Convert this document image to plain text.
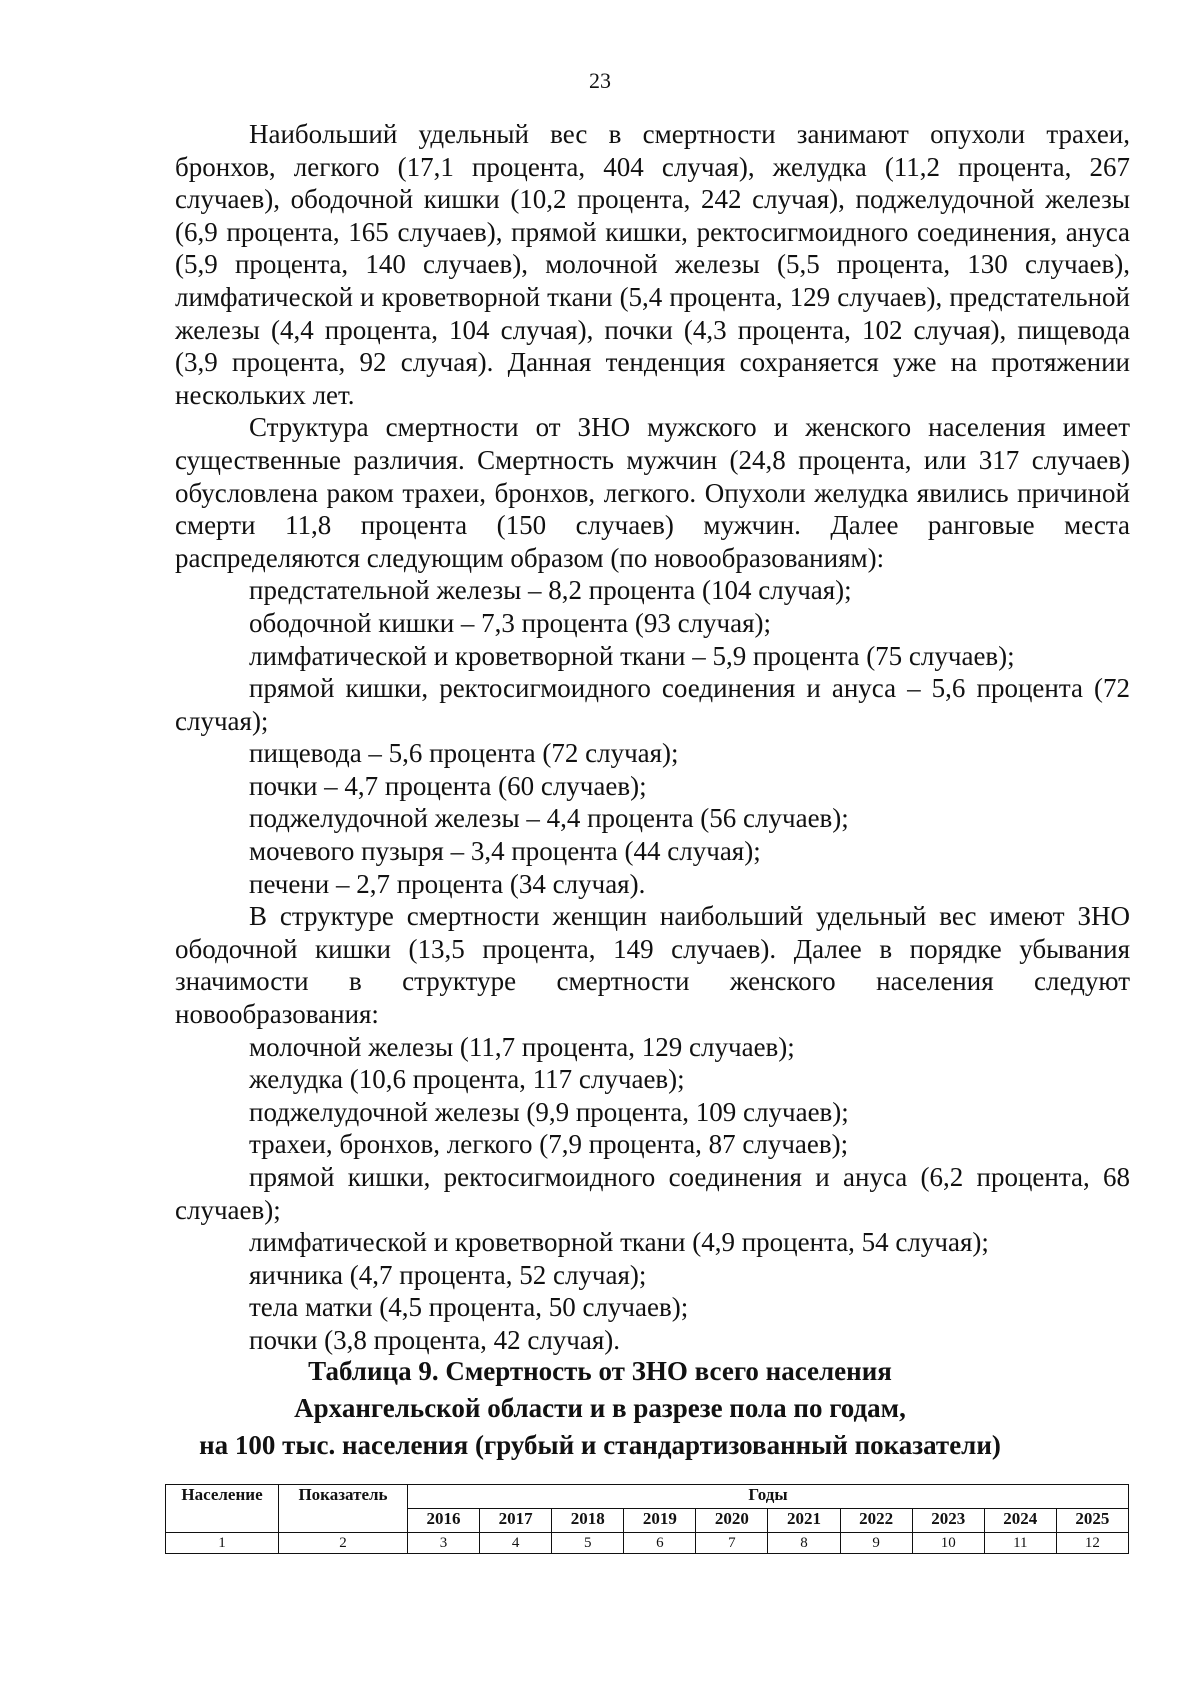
23

Наибольший удельный вес в смертности занимают опухоли трахеи, бронхов, легкого (17,1 процента, 404 случая), желудка (11,2 процента, 267 случаев), ободочной кишки (10,2 процента, 242 случая), поджелудочной железы (6,9 процента, 165 случаев), прямой кишки, ректосигмоидного соединения, ануса (5,9 процента, 140 случаев), молочной железы (5,5 процента, 130 случаев), лимфатической и кроветворной ткани (5,4 процента, 129 случаев), предстательной железы (4,4 процента, 104 случая), почки (4,3 процента, 102 случая), пищевода (3,9 процента, 92 случая). Данная тенденция сохраняется уже на протяжении нескольких лет.

Структура смертности от ЗНО мужского и женского населения имеет существенные различия. Смертность мужчин (24,8 процента, или 317 случаев) обусловлена раком трахеи, бронхов, легкого. Опухоли желудка явились причиной смерти 11,8 процента (150 случаев) мужчин. Далее ранговые места распределяются следующим образом (по новообразованиям):

предстательной железы – 8,2 процента (104 случая);

ободочной кишки – 7,3 процента (93 случая);

лимфатической и кроветворной ткани – 5,9 процента (75 случаев);

прямой кишки, ректосигмоидного соединения и ануса – 5,6 процента (72 случая);

пищевода – 5,6 процента (72 случая);

почки – 4,7 процента (60 случаев);

поджелудочной железы – 4,4 процента (56 случаев);

мочевого пузыря – 3,4 процента (44 случая);

печени – 2,7 процента (34 случая).

В структуре смертности женщин наибольший удельный вес имеют ЗНО ободочной кишки (13,5 процента, 149 случаев). Далее в порядке убывания значимости в структуре смертности женского населения следуют новообразования:

молочной железы (11,7 процента, 129 случаев);

желудка (10,6 процента, 117 случаев);

поджелудочной железы (9,9 процента, 109 случаев);

трахеи, бронхов, легкого (7,9 процента, 87 случаев);

прямой кишки, ректосигмоидного соединения и ануса (6,2 процента, 68 случаев);

лимфатической и кроветворной ткани (4,9 процента, 54 случая);

яичника (4,7 процента, 52 случая);

тела матки (4,5 процента, 50 случаев);

почки (3,8 процента, 42 случая).

Таблица 9. Смертность от ЗНО всего населения
Архангельской области и в разрезе пола по годам,
на 100 тыс. населения (грубый и стандартизованный показатели)
Население	Показатель	Годы									
		2016	2017	2018	2019	2020	2021	2022	2023	2024	2025
1	2	3	4	5	6	7	8	9	10	11	12
